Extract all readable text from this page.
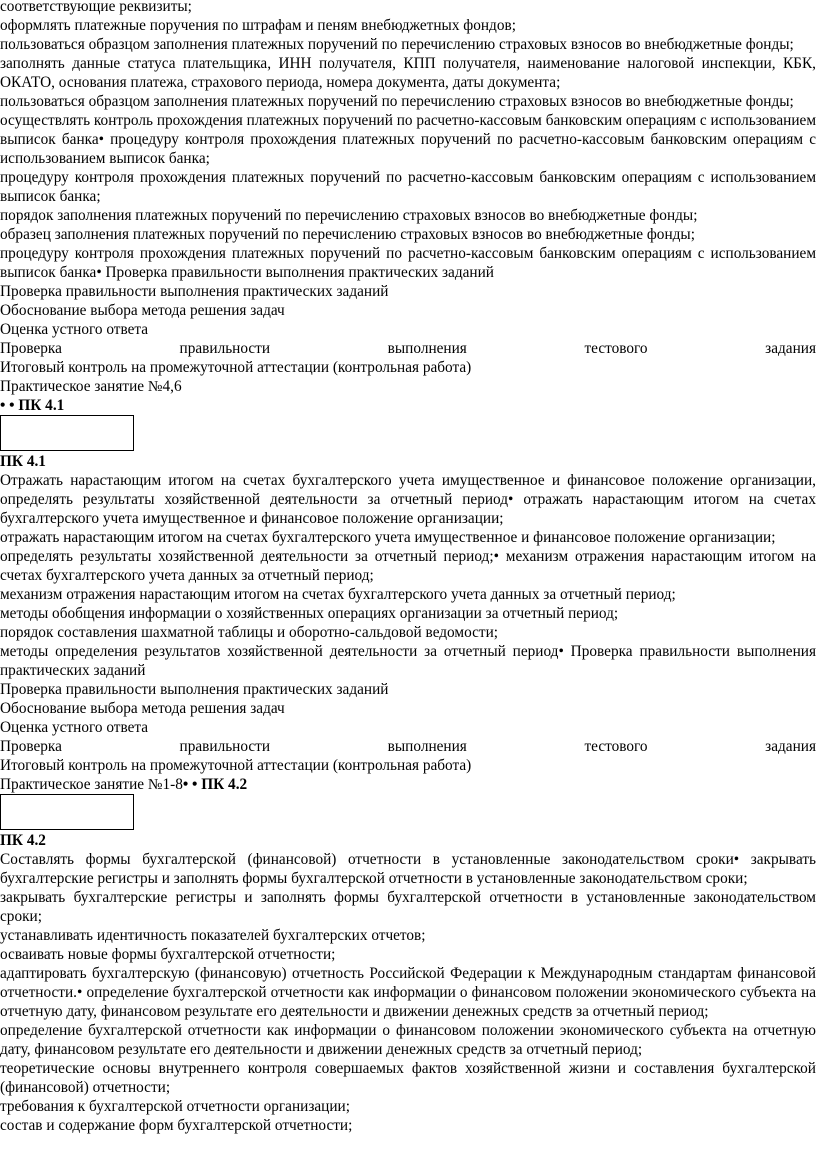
соответствующие реквизиты;

оформлять платежные поручения по штрафам и пеням внебюджетных фондов;

пользоваться образцом заполнения платежных поручений по перечислению страховых взносов во внебюджетные фонды;

заполнять данные статуса плательщика, ИНН получателя, КПП получателя, наименование налоговой инспекции, КБК, ОКАТО, основания платежа, страхового периода, номера документа, даты документа;

пользоваться образцом заполнения платежных поручений по перечислению страховых взносов во внебюджетные фонды;

осуществлять контроль прохождения платежных поручений по расчетно-кассовым банковским операциям с использованием выписок банка• процедуру контроля прохождения платежных поручений по расчетно-кассовым банковским операциям с использованием выписок банка;

процедуру контроля прохождения платежных поручений по расчетно-кассовым банковским операциям с использованием выписок банка;

порядок заполнения платежных поручений по перечислению страховых взносов во внебюджетные фонды;

образец заполнения платежных поручений по перечислению страховых взносов во внебюджетные фонды;

процедуру контроля прохождения платежных поручений по расчетно-кассовым банковским операциям с использованием выписок банка• Проверка правильности выполнения практических заданий

Проверка правильности выполнения практических заданий

Обоснование выбора метода решения задач

Оценка устного ответа

Проверка правильности выполнения тестового задания

Итоговый контроль на промежуточной аттестации (контрольная работа)

Практическое занятие №4,6

• • ПК 4.1

ПК 4.1

Отражать нарастающим итогом на счетах бухгалтерского учета имущественное и финансовое положение организации, определять результаты хозяйственной деятельности за отчетный период• отражать нарастающим итогом на счетах бухгалтерского учета имущественное и финансовое положение организации;

отражать нарастающим итогом на счетах бухгалтерского учета имущественное и финансовое положение организации;

определять результаты хозяйственной деятельности за отчетный период;• механизм отражения нарастающим итогом на счетах бухгалтерского учета данных за отчетный период;

механизм отражения нарастающим итогом на счетах бухгалтерского учета данных за отчетный период;

методы обобщения информации о хозяйственных операциях организации за отчетный период;

порядок составления шахматной таблицы и оборотно-сальдовой ведомости;

методы определения результатов хозяйственной деятельности за отчетный период• Проверка правильности выполнения практических заданий

Проверка правильности выполнения практических заданий

Обоснование выбора метода решения задач

Оценка устного ответа

Проверка правильности выполнения тестового задания

Итоговый контроль на промежуточной аттестации (контрольная работа)

Практическое занятие №1-8• • ПК 4.2

ПК 4.2

Составлять формы бухгалтерской (финансовой) отчетности в установленные законодательством сроки• закрывать бухгалтерские регистры и заполнять формы бухгалтерской отчетности в установленные законодательством сроки;

закрывать бухгалтерские регистры и заполнять формы бухгалтерской отчетности в установленные законодательством сроки;

устанавливать идентичность показателей бухгалтерских отчетов;

осваивать новые формы бухгалтерской отчетности;

адаптировать бухгалтерскую (финансовую) отчетность Российской Федерации к Международным стандартам финансовой отчетности.• определение бухгалтерской отчетности как информации о финансовом положении экономического субъекта на отчетную дату, финансовом результате его деятельности и движении денежных средств за отчетный период;

определение бухгалтерской отчетности как информации о финансовом положении экономического субъекта на отчетную дату, финансовом результате его деятельности и движении денежных средств за отчетный период;

теоретические основы внутреннего контроля совершаемых фактов хозяйственной жизни и составления бухгалтерской (финансовой) отчетности;

требования к бухгалтерской отчетности организации;

состав и содержание форм бухгалтерской отчетности;
